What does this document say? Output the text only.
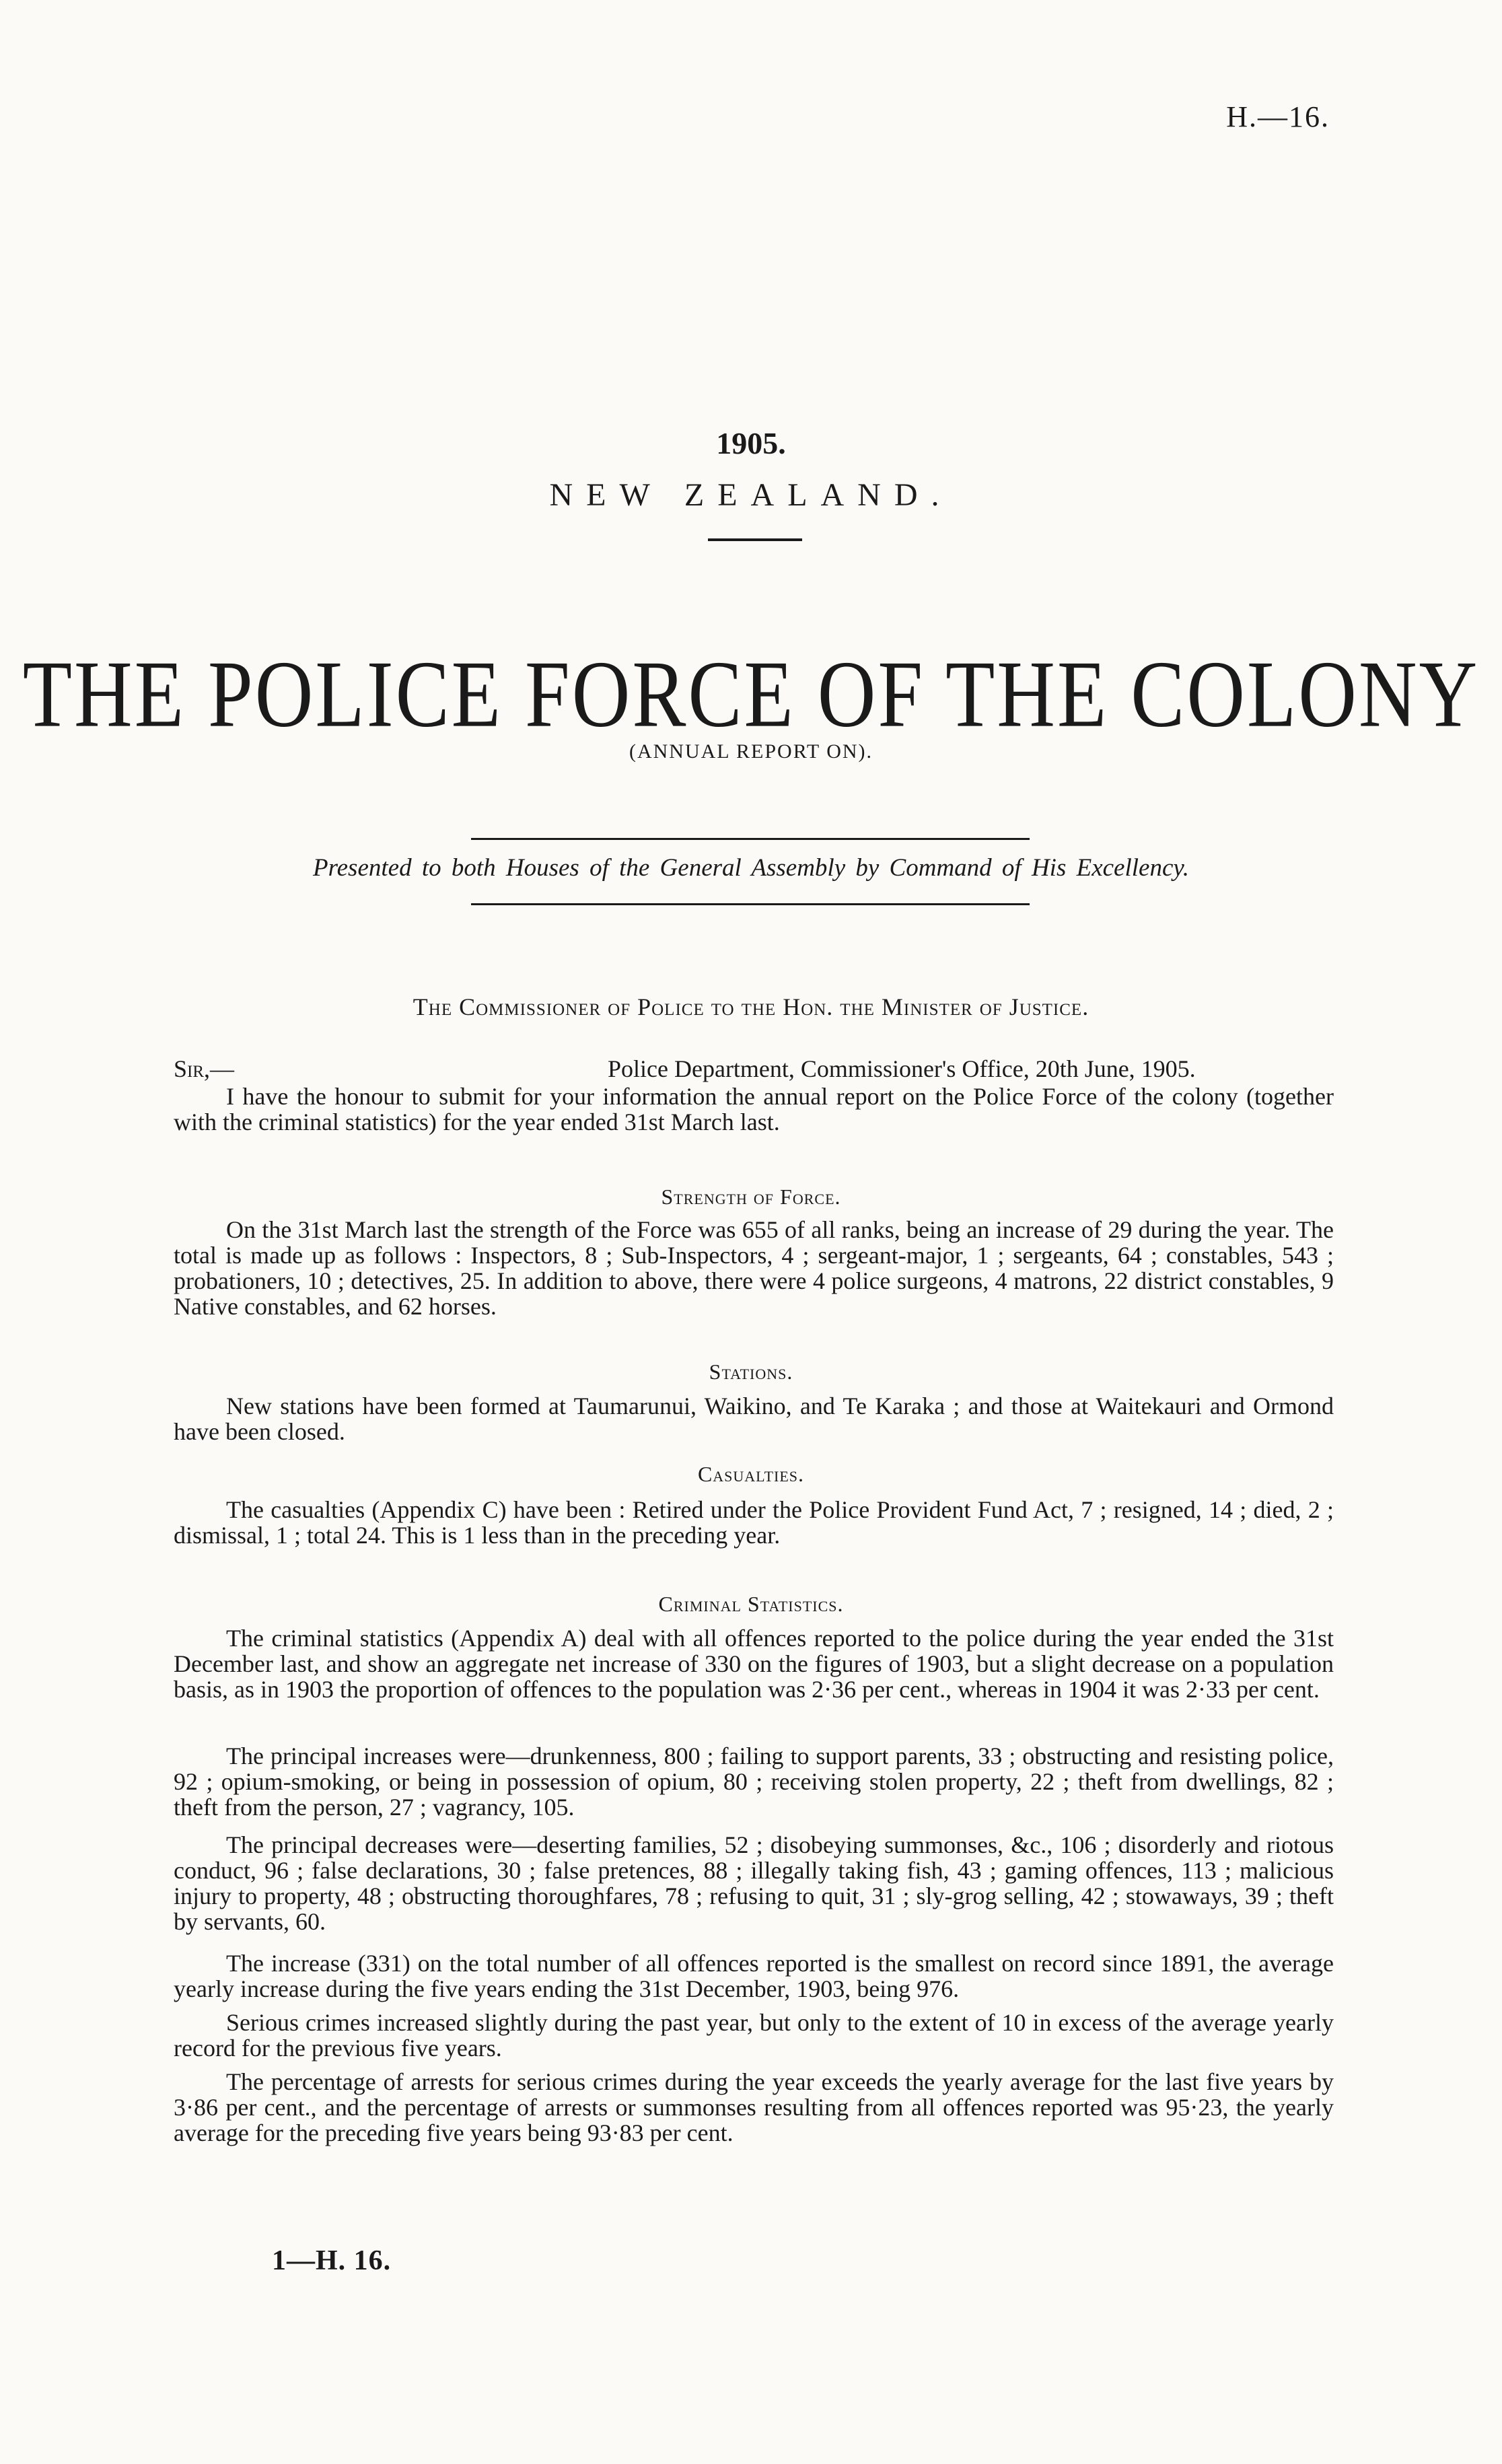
H.—16.
1905.
NEW ZEALAND.
THE POLICE FORCE OF THE COLONY
(ANNUAL REPORT ON).
Presented to both Houses of the General Assembly by Command of His Excellency.
The Commissioner of Police to the Hon. the Minister of Justice.
Sir,—	Police Department, Commissioner's Office, 20th June, 1905.
I have the honour to submit for your information the annual report on the Police Force of the colony (together with the criminal statistics) for the year ended 31st March last.
Strength of Force.
On the 31st March last the strength of the Force was 655 of all ranks, being an increase of 29 during the year. The total is made up as follows : Inspectors, 8 ; Sub-Inspectors, 4 ; sergeant-major, 1 ; sergeants, 64 ; constables, 543 ; probationers, 10 ; detectives, 25. In addition to above, there were 4 police surgeons, 4 matrons, 22 district constables, 9 Native constables, and 62 horses.
Stations.
New stations have been formed at Taumarunui, Waikino, and Te Karaka ; and those at Waitekauri and Ormond have been closed.
Casualties.
The casualties (Appendix C) have been : Retired under the Police Provident Fund Act, 7 ; resigned, 14 ; died, 2 ; dismissal, 1 ; total 24. This is 1 less than in the preceding year.
Criminal Statistics.
The criminal statistics (Appendix A) deal with all offences reported to the police during the year ended the 31st December last, and show an aggregate net increase of 330 on the figures of 1903, but a slight decrease on a population basis, as in 1903 the proportion of offences to the population was 2·36 per cent., whereas in 1904 it was 2·33 per cent.
The principal increases were—drunkenness, 800 ; failing to support parents, 33 ; obstructing and resisting police, 92 ; opium-smoking, or being in possession of opium, 80 ; receiving stolen property, 22 ; theft from dwellings, 82 ; theft from the person, 27 ; vagrancy, 105.
The principal decreases were—deserting families, 52 ; disobeying summonses, &c., 106 ; disorderly and riotous conduct, 96 ; false declarations, 30 ; false pretences, 88 ; illegally taking fish, 43 ; gaming offences, 113 ; malicious injury to property, 48 ; obstructing thoroughfares, 78 ; refusing to quit, 31 ; sly-grog selling, 42 ; stowaways, 39 ; theft by servants, 60.
The increase (331) on the total number of all offences reported is the smallest on record since 1891, the average yearly increase during the five years ending the 31st December, 1903, being 976.
Serious crimes increased slightly during the past year, but only to the extent of 10 in excess of the average yearly record for the previous five years.
The percentage of arrests for serious crimes during the year exceeds the yearly average for the last five years by 3·86 per cent., and the percentage of arrests or summonses resulting from all offences reported was 95·23, the yearly average for the preceding five years being 93·83 per cent.
1—H. 16.
